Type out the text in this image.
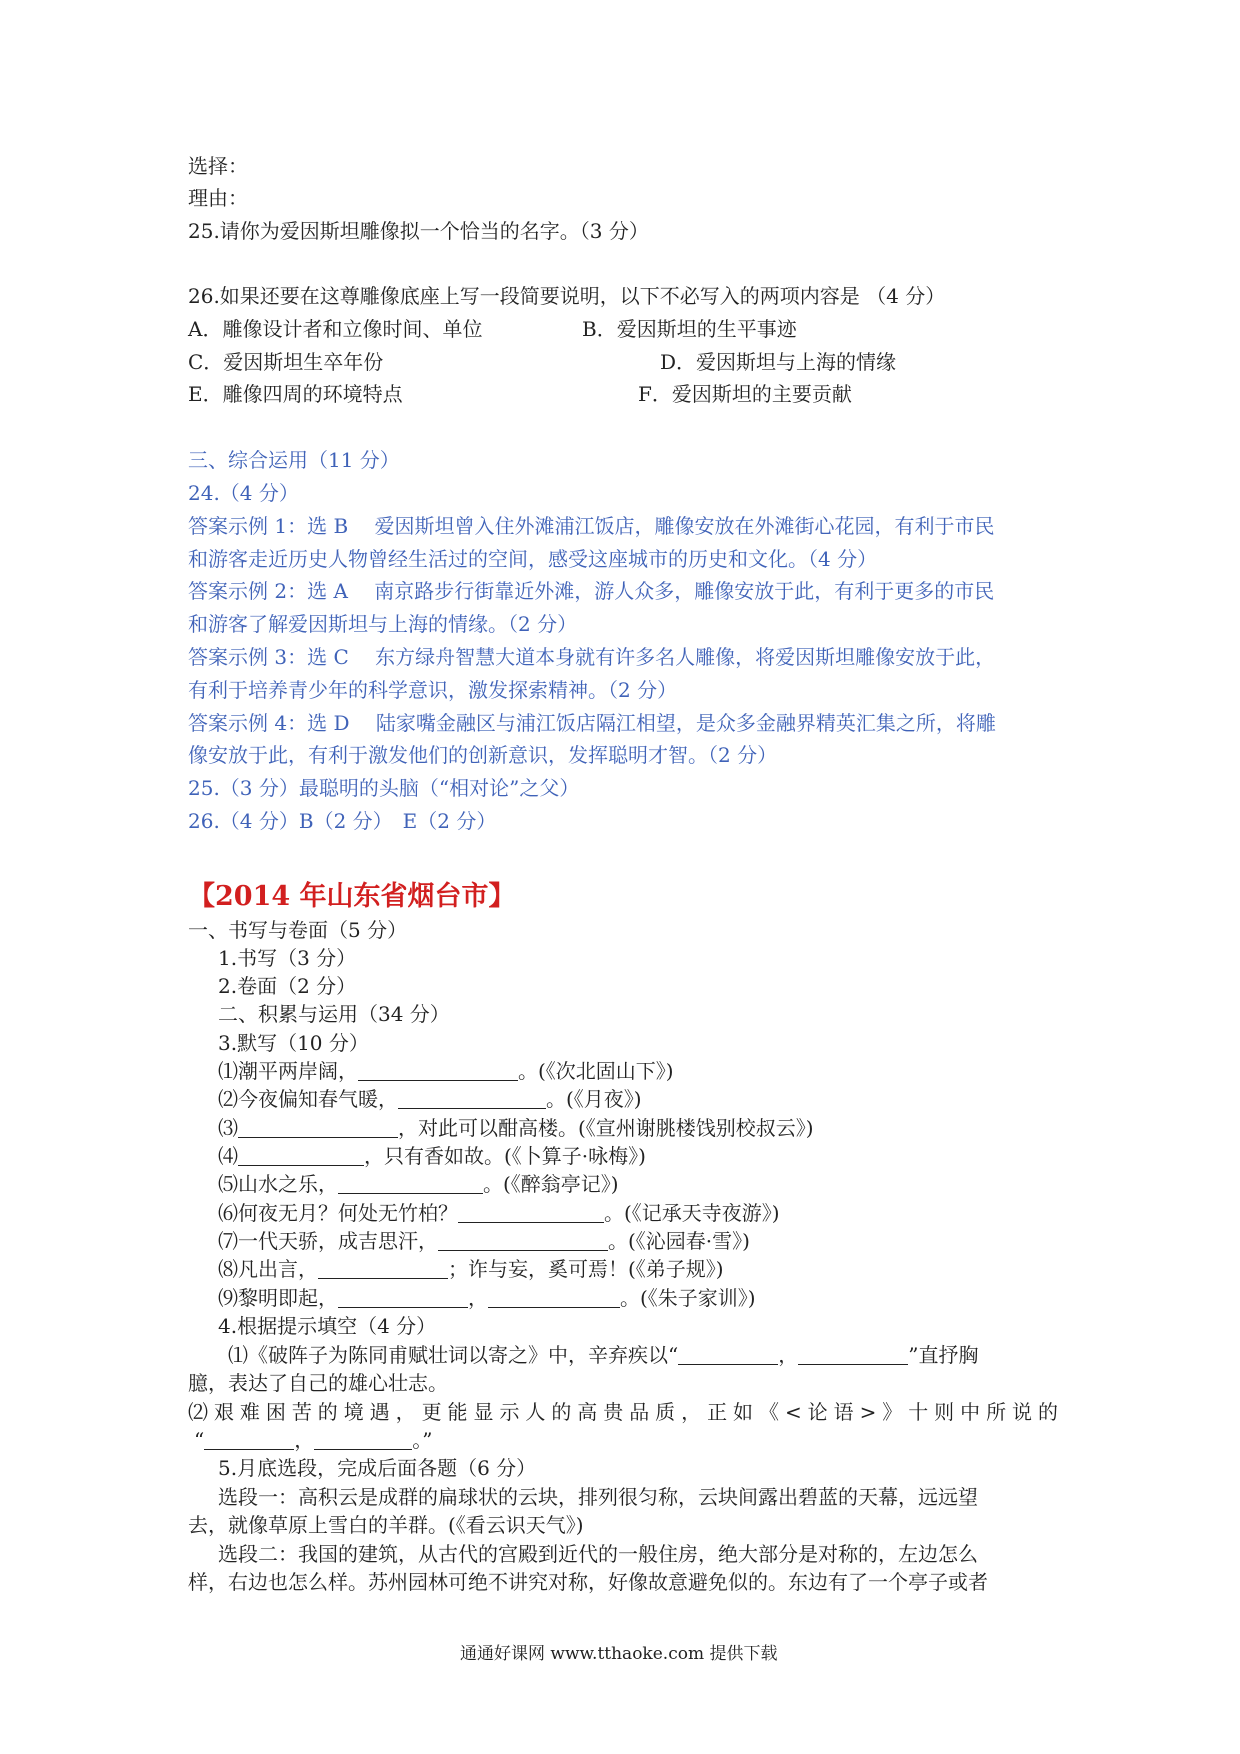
选择：
理由：
25.请你为爱因斯坦雕像拟一个恰当的名字。（3 分）
26.如果还要在这尊雕像底座上写一段简要说明，以下不必写入的两项内容是 （4 分）
A．雕像设计者和立像时间、单位	B．爱因斯坦的生平事迹
C．爱因斯坦生卒年份	D．爱因斯坦与上海的情缘
E．雕像四周的环境特点	F．爱因斯坦的主要贡献
三、综合运用（11 分）
24.（4 分）
答案示例 1：选 B　 爱因斯坦曾入住外滩浦江饭店，雕像安放在外滩街心花园，有利于市民
和游客走近历史人物曾经生活过的空间，感受这座城市的历史和文化。（4 分）
答案示例 2：选 A　 南京路步行街靠近外滩，游人众多，雕像安放于此，有利于更多的市民
和游客了解爱因斯坦与上海的情缘。（2 分）
答案示例 3：选 C　 东方绿舟智慧大道本身就有许多名人雕像，将爱因斯坦雕像安放于此，
有利于培养青少年的科学意识，激发探索精神。（2 分）
答案示例 4：选 D　 陆家嘴金融区与浦江饭店隔江相望，是众多金融界精英汇集之所，将雕
像安放于此，有利于激发他们的创新意识，发挥聪明才智。（2 分）
25.（3 分）最聪明的头脑（“相对论”之父）
26.（4 分）B（2 分）　E（2 分）
【2014 年山东省烟台市】
一、书写与卷面（5 分）
1.书写（3 分）
2.卷面（2 分）
二、积累与运用（34 分）
3.默写（10 分）
⑴潮平两岸阔，	。(《次北固山下》)
⑵今夜偏知春气暖，	。(《月夜》)
⑶	，对此可以酣高楼。(《宣州谢朓楼饯别校叔云》)
⑷	，只有香如故。(《卜算子·咏梅》)
⑸山水之乐，	。(《醉翁亭记》)
⑹何夜无月？何处无竹柏？	。(《记承天寺夜游》)
⑺一代天骄，成吉思汗，	。(《沁园春·雪》)
⑻凡出言，	；诈与妄，奚可焉！(《弟子规》)
⑼黎明即起，	，	。(《朱子家训》)
4.根据提示填空（4 分）
⑴《破阵子为陈同甫赋壮词以寄之》中，辛弃疾以“	，	”直抒胸
臆，表达了自己的雄心壮志。
⑵艰难困苦的境遇，更能显示人的高贵品质，正如《<论语>》十则中所说的
“	，	。”
5.月底选段，完成后面各题（6 分）
选段一：高积云是成群的扁球状的云块，排列很匀称，云块间露出碧蓝的天幕，远远望
去，就像草原上雪白的羊群。(《看云识天气》)
选段二：我国的建筑，从古代的宫殿到近代的一般住房，绝大部分是对称的，左边怎么
样，右边也怎么样。苏州园林可绝不讲究对称，好像故意避免似的。东边有了一个亭子或者
通通好课网 www.tthaoke.com 提供下载
